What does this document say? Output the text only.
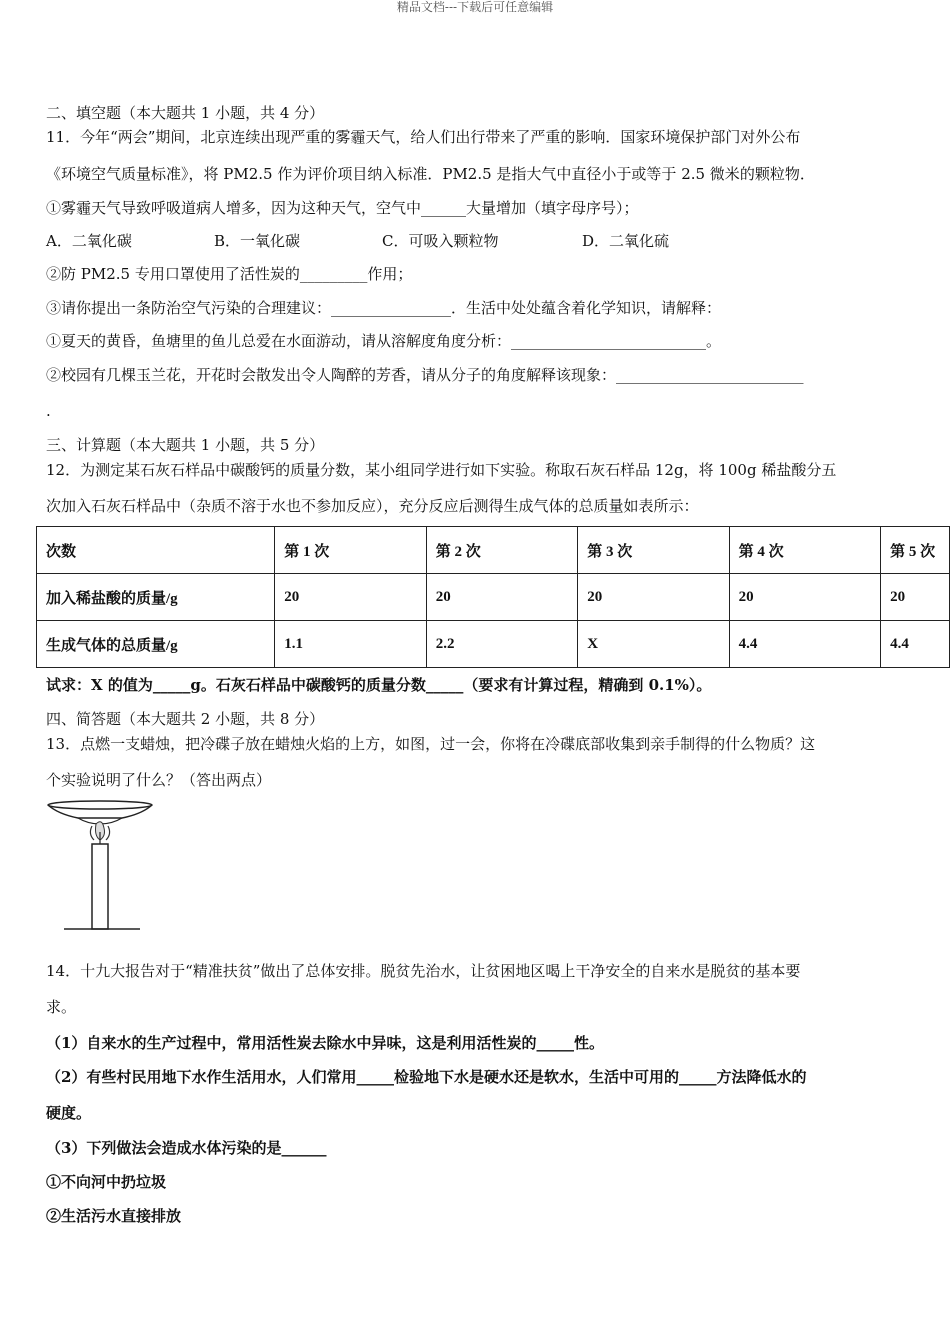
精品文档---下载后可任意编辑
二、填空题（本大题共 1 小题，共 4 分）
11．今年“两会”期间，北京连续出现严重的雾霾天气，给人们出行带来了严重的影响．国家环境保护部门对外公布
《环境空气质量标准》，将 PM2.5 作为评价项目纳入标准．PM2.5 是指大气中直径小于或等于 2.5 微米的颗粒物．
①雾霾天气导致呼吸道病人增多，因为这种天气，空气中______大量增加（填字母序号）；
A．二氧化碳	B．一氧化碳	C．可吸入颗粒物	D．二氧化硫
②防 PM2.5 专用口罩使用了活性炭的_________作用；
③请你提出一条防治空气污染的合理建议：________________．生活中处处蕴含着化学知识，请解释：
①夏天的黄昏，鱼塘里的鱼儿总爱在水面游动，请从溶解度角度分析：__________________________。
②校园有几棵玉兰花，开花时会散发出令人陶醉的芳香，请从分子的角度解释该现象：_________________________
.
三、计算题（本大题共 1 小题，共 5 分）
12．为测定某石灰石样品中碳酸钙的质量分数，某小组同学进行如下实验。称取石灰石样品 12g，将 100g 稀盐酸分五
次加入石灰石样品中（杂质不溶于水也不参加反应），充分反应后测得生成气体的总质量如表所示：
次数	第 1 次	第 2 次	第 3 次	第 4 次	第 5 次
加入稀盐酸的质量/g	20	20	20	20	20
生成气体的总质量/g	1.1	2.2	X	4.4	4.4
试求：X 的值为_____g。石灰石样品中碳酸钙的质量分数_____（要求有计算过程，精确到 0.1%）。
四、简答题（本大题共 2 小题，共 8 分）
13．点燃一支蜡烛，把冷碟子放在蜡烛火焰的上方，如图，过一会，你将在冷碟底部收集到亲手制得的什么物质？这
个实验说明了什么？（答出两点）
14．十九大报告对于“精准扶贫”做出了总体安排。脱贫先治水，让贫困地区喝上干净安全的自来水是脱贫的基本要
求。
（1）自来水的生产过程中，常用活性炭去除水中异味，这是利用活性炭的_____性。
（2）有些村民用地下水作生活用水，人们常用_____检验地下水是硬水还是软水，生活中可用的_____方法降低水的
硬度。
（3）下列做法会造成水体污染的是______
①不向河中扔垃圾
②生活污水直接排放
